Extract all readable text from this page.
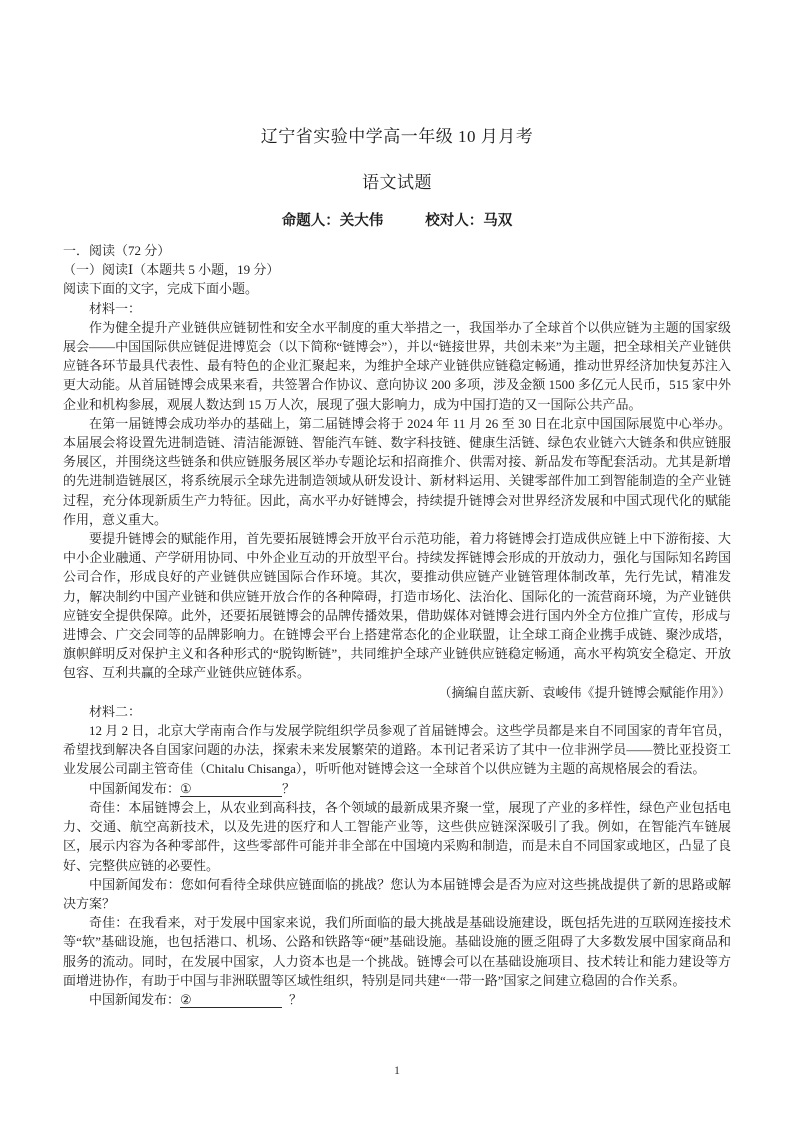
辽宁省实验中学高一年级 10 月月考
语文试题
命题人：关大伟	校对人：马双

一．阅读（72 分）

（一）阅读Ⅰ（本题共 5 小题，19 分）

阅读下面的文字，完成下面小题。

材料一：

作为健全提升产业链供应链韧性和安全水平制度的重大举措之一，我国举办了全球首个以供应链为主题的国家级展会——中国国际供应链促进博览会（以下简称“链博会”），并以“链接世界，共创未来”为主题，把全球相关产业链供应链各环节最具代表性、最有特色的企业汇聚起来，为维护全球产业链供应链稳定畅通，推动世界经济加快复苏注入更大动能。从首届链博会成果来看，共签署合作协议、意向协议 200 多项，涉及金额 1500 多亿元人民币，515 家中外企业和机构参展，观展人数达到 15 万人次，展现了强大影响力，成为中国打造的又一国际公共产品。

在第一届链博会成功举办的基础上，第二届链博会将于 2024 年 11 月 26 至 30 日在北京中国国际展览中心举办。本届展会将设置先进制造链、清洁能源链、智能汽车链、数字科技链、健康生活链、绿色农业链六大链条和供应链服务展区，并围绕这些链条和供应链服务展区举办专题论坛和招商推介、供需对接、新品发布等配套活动。尤其是新增的先进制造链展区，将系统展示全球先进制造领域从研发设计、新材料运用、关键零部件加工到智能制造的全产业链过程，充分体现新质生产力特征。因此，高水平办好链博会，持续提升链博会对世界经济发展和中国式现代化的赋能作用，意义重大。

要提升链博会的赋能作用，首先要拓展链博会开放平台示范功能，着力将链博会打造成供应链上中下游衔接、大中小企业融通、产学研用协同、中外企业互动的开放型平台。持续发挥链博会形成的开放动力，强化与国际知名跨国公司合作，形成良好的产业链供应链国际合作环境。其次，要推动供应链产业链管理体制改革，先行先试，精准发力，解决制约中国产业链和供应链开放合作的各种障碍，打造市场化、法治化、国际化的一流营商环境，为产业链供应链安全提供保障。此外，还要拓展链博会的品牌传播效果，借助媒体对链博会进行国内外全方位推广宣传，形成与进博会、广交会同等的品牌影响力。在链博会平台上搭建常态化的企业联盟，让全球工商企业携手成链、聚沙成塔，旗帜鲜明反对保护主义和各种形式的“脱钩断链”，共同维护全球产业链供应链稳定畅通，高水平构筑安全稳定、开放包容、互利共赢的全球产业链供应链体系。

（摘编自蓝庆新、袁峻伟《提升链博会赋能作用》）

材料二：

12 月 2 日，北京大学南南合作与发展学院组织学员参观了首届链博会。这些学员都是来自不同国家的青年官员，希望找到解决各自国家问题的办法，探索未来发展繁荣的道路。本刊记者采访了其中一位非洲学员——赞比亚投资工业发展公司副主管奇佳（Chitalu Chisanga），听听他对链博会这一全球首个以供应链为主题的高规格展会的看法。

中国新闻发布：①	？

奇佳：本届链博会上，从农业到高科技，各个领域的最新成果齐聚一堂，展现了产业的多样性，绿色产业包括电力、交通、航空高新技术，以及先进的医疗和人工智能产业等，这些供应链深深吸引了我。例如，在智能汽车链展区，展示内容为各种零部件，这些零部件可能并非全部在中国境内采购和制造，而是未自不同国家或地区，凸显了良好、完整供应链的必要性。

中国新闻发布：您如何看待全球供应链面临的挑战？您认为本届链博会是否为应对这些挑战提供了新的思路或解决方案？

奇佳：在我看来，对于发展中国家来说，我们所面临的最大挑战是基础设施建设，既包括先进的互联网连接技术等“软”基础设施，也包括港口、机场、公路和铁路等“硬”基础设施。基础设施的匮乏阻碍了大多数发展中国家商品和服务的流动。同时，在发展中国家，人力资本也是一个挑战。链博会可以在基础设施项目、技术转让和能力建设等方面增进协作，有助于中国与非洲联盟等区域性组织，特别是同共建“一带一路”国家之间建立稳固的合作关系。

中国新闻发布：②	？

1
